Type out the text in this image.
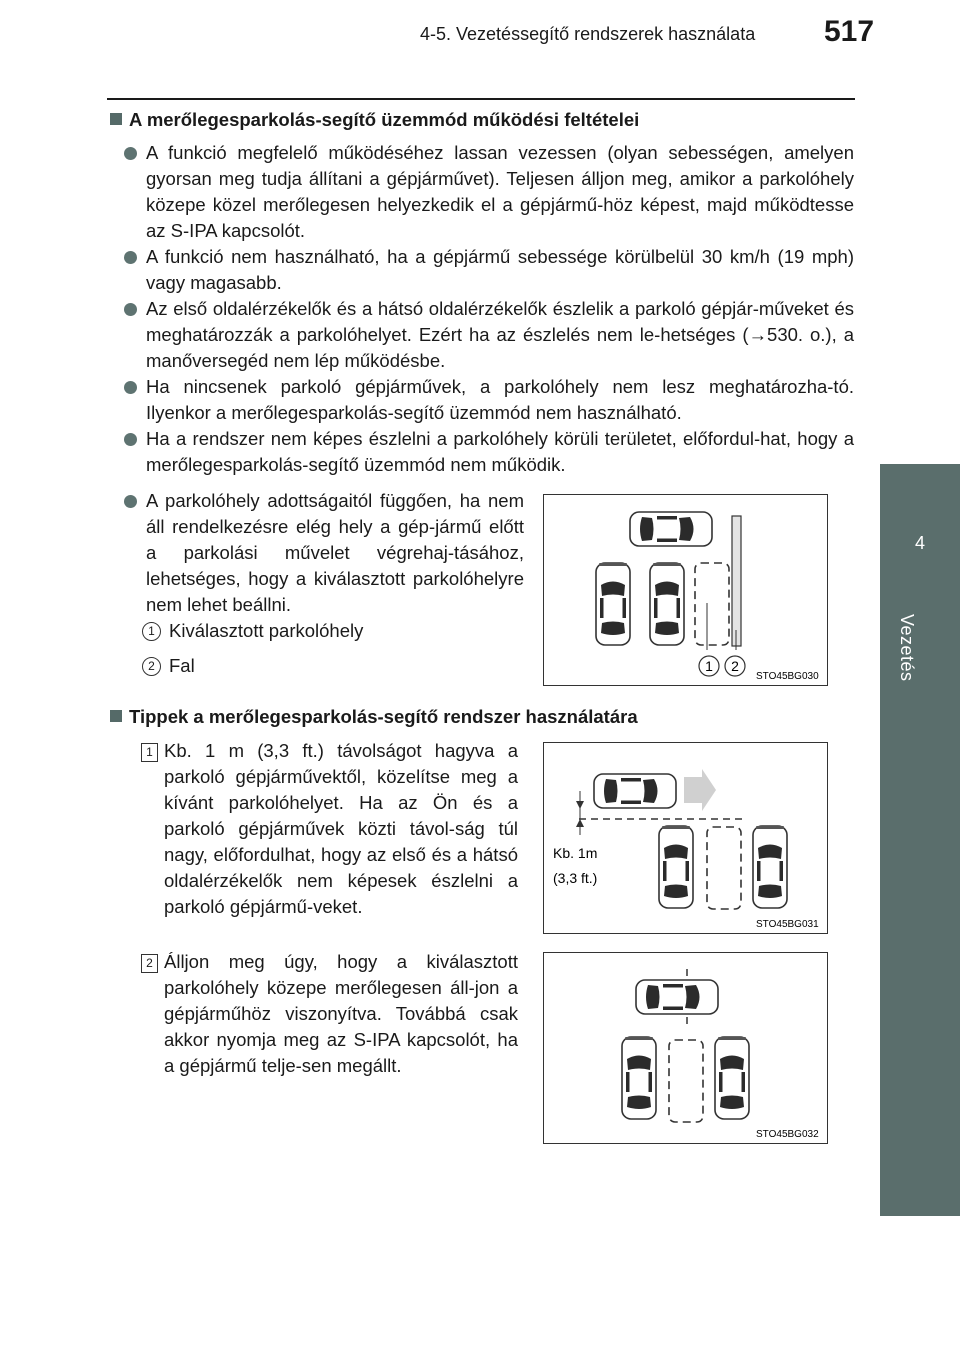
4-5. Vezetéssegítő rendszerek használata 517
4
Vezetés
A merőlegesparkolás-segítő üzemmód működési feltételei
A funkció megfelelő működéséhez lassan vezessen (olyan sebességen, amelyen gyorsan meg tudja állítani a gépjárművet). Teljesen álljon meg, amikor a parkolóhely közepe közel merőlegesen helyezkedik el a gépjármű-höz képest, majd működtesse az S-IPA kapcsolót.
A funkció nem használható, ha a gépjármű sebessége körülbelül 30 km/h (19 mph) vagy magasabb.
Az első oldalérzékelők és a hátsó oldalérzékelők észlelik a parkoló gépjár-műveket és meghatározzák a parkolóhelyet. Ezért ha az észlelés nem le-hetséges (→530. o.), a manőversegéd nem lép működésbe.
Ha nincsenek parkoló gépjárművek, a parkolóhely nem lesz meghatározha-tó. Ilyenkor a merőlegesparkolás-segítő üzemmód nem használható.
Ha a rendszer nem képes észlelni a parkolóhely körüli területet, előfordul-hat, hogy a merőlegesparkolás-segítő üzemmód nem működik.
A parkolóhely adottságaitól függően, ha nem áll rendelkezésre elég hely a gép-jármű előtt a parkolási művelet végrehaj-tásához, lehetséges, hogy a kiválasztott parkolóhelyre nem lehet beállni.
1 Kiválasztott parkolóhely
2 Fal	1 2
STO45BG030
Tippek a merőlegesparkolás-segítő rendszer használatára
1 Kb. 1 m (3,3 ft.) távolságot hagyva a parkoló gépjárművektől, közelítse meg a kívánt parkolóhelyet. Ha az Ön és a parkoló gépjárművek közti távol-ság túl nagy, előfordulhat, hogy az első és a hátsó oldalérzékelők nem képesek észlelni a parkoló gépjármű-veket.
2 Álljon meg úgy, hogy a kiválasztott parkolóhely közepe merőlegesen áll-jon a gépjárműhöz viszonyítva. Továbbá csak akkor nyomja meg az S-IPA kapcsolót, ha a gépjármű telje-sen megállt.
Kb. 1m
(3,3 ft.)
STO45BG031
STO45BG032
